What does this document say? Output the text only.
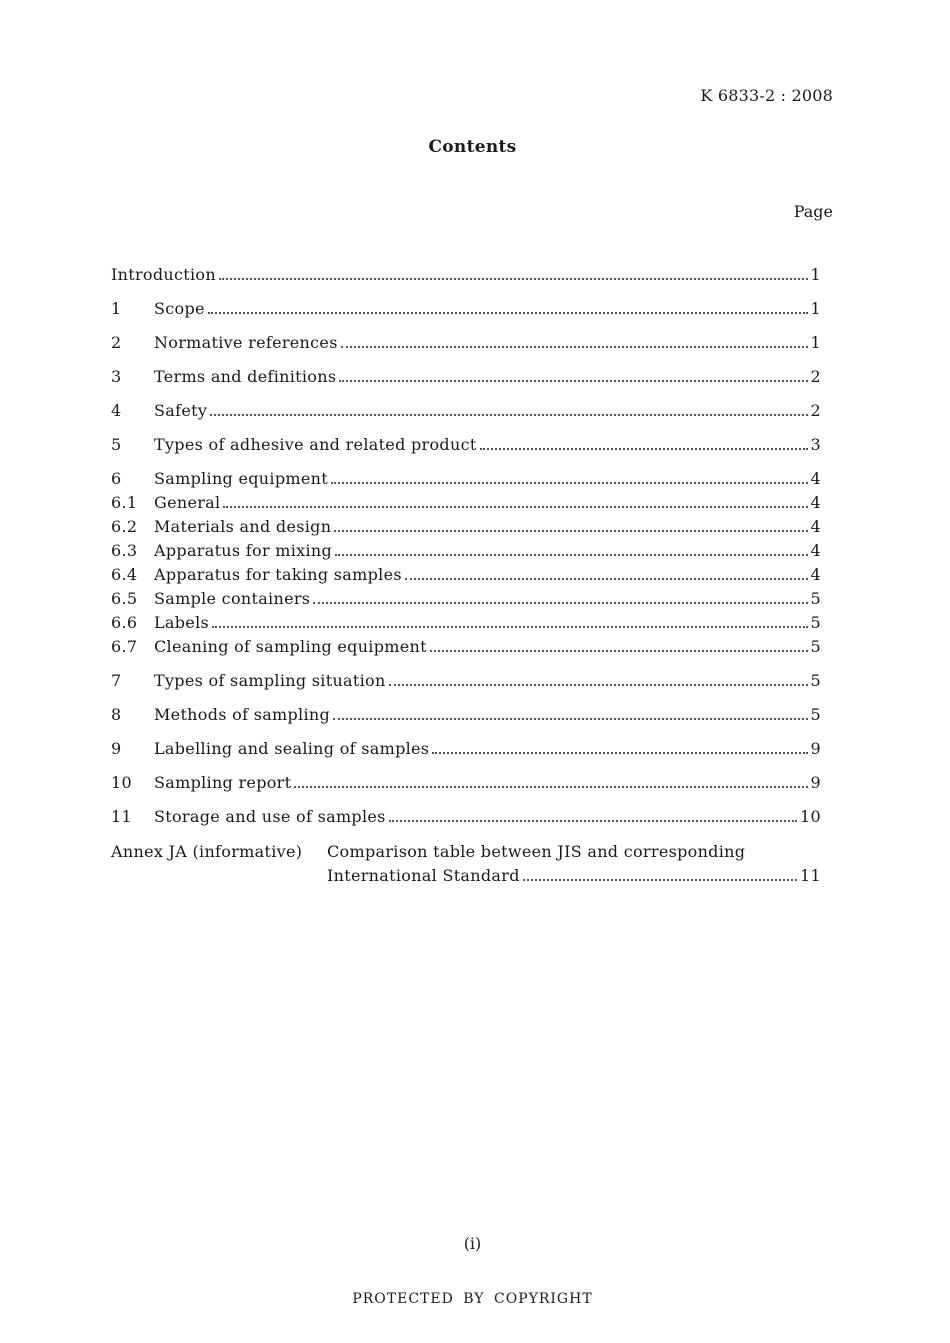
K 6833-2 : 2008
Contents
Page
Introduction	1
1	Scope	1
2	Normative references	1
3	Terms and definitions	2
4	Safety	2
5	Types of adhesive and related product	3
6	Sampling equipment	4
6.1	General	4
6.2	Materials and design	4
6.3	Apparatus for mixing	4
6.4	Apparatus for taking samples	4
6.5	Sample containers	5
6.6	Labels	5
6.7	Cleaning of sampling equipment	5
7	Types of sampling situation	5
8	Methods of sampling	5
9	Labelling and sealing of samples	9
10	Sampling report	9
11	Storage and use of samples	10
Annex JA (informative)	Comparison table between JIS and corresponding
International Standard	11
(i)
PROTECTED BY COPYRIGHT
